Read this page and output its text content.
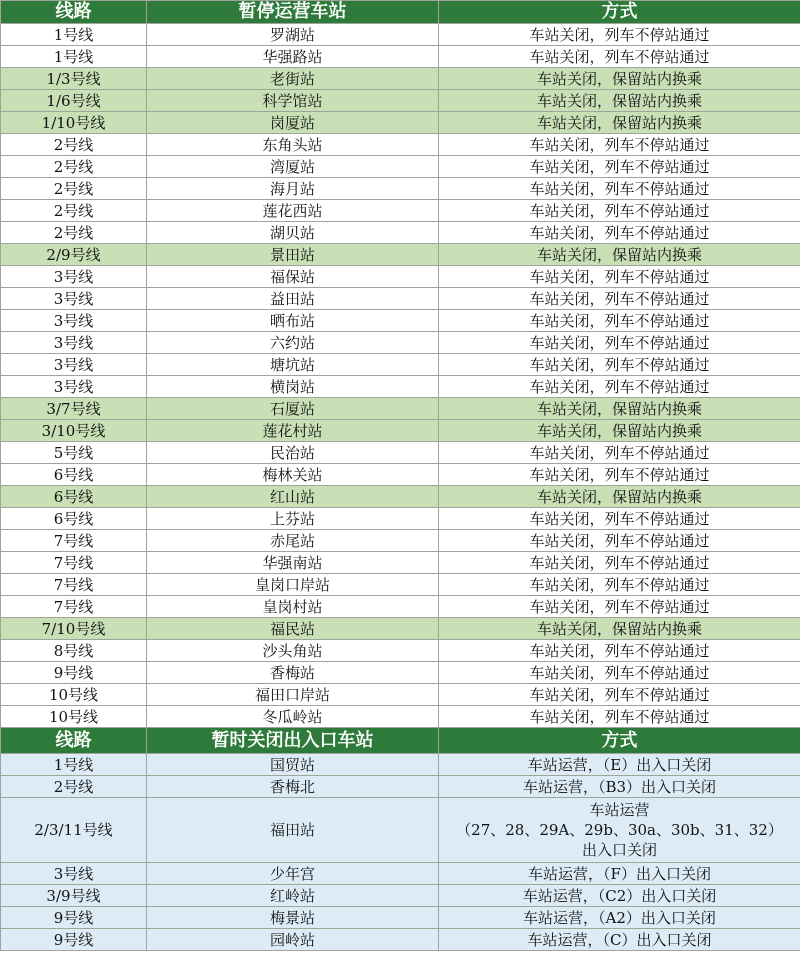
线路	暂停运营车站	方式
1号线	罗湖站	车站关闭，列车不停站通过
1号线	华强路站	车站关闭，列车不停站通过
1/3号线	老街站	车站关闭，保留站内换乘
1/6号线	科学馆站	车站关闭，保留站内换乘
1/10号线	岗厦站	车站关闭，保留站内换乘
2号线	东角头站	车站关闭，列车不停站通过
2号线	湾厦站	车站关闭，列车不停站通过
2号线	海月站	车站关闭，列车不停站通过
2号线	莲花西站	车站关闭，列车不停站通过
2号线	湖贝站	车站关闭，列车不停站通过
2/9号线	景田站	车站关闭，保留站内换乘
3号线	福保站	车站关闭，列车不停站通过
3号线	益田站	车站关闭，列车不停站通过
3号线	晒布站	车站关闭，列车不停站通过
3号线	六约站	车站关闭，列车不停站通过
3号线	塘坑站	车站关闭，列车不停站通过
3号线	横岗站	车站关闭，列车不停站通过
3/7号线	石厦站	车站关闭，保留站内换乘
3/10号线	莲花村站	车站关闭，保留站内换乘
5号线	民治站	车站关闭，列车不停站通过
6号线	梅林关站	车站关闭，列车不停站通过
6号线	红山站	车站关闭，保留站内换乘
6号线	上芬站	车站关闭，列车不停站通过
7号线	赤尾站	车站关闭，列车不停站通过
7号线	华强南站	车站关闭，列车不停站通过
7号线	皇岗口岸站	车站关闭，列车不停站通过
7号线	皇岗村站	车站关闭，列车不停站通过
7/10号线	福民站	车站关闭，保留站内换乘
8号线	沙头角站	车站关闭，列车不停站通过
9号线	香梅站	车站关闭，列车不停站通过
10号线	福田口岸站	车站关闭，列车不停站通过
10号线	冬瓜岭站	车站关闭，列车不停站通过
线路	暂时关闭出入口车站	方式
1号线	国贸站	车站运营，（E）出入口关闭

2号线	香梅北	车站运营，（B3）出入口关闭

2/3/11号线	福田站	车站运营
（27、28、29A、29b、30a、30b、31、32）
出入口关闭

3号线	少年宫	车站运营，（F）出入口关闭

3/9号线	红岭站	车站运营，（C2）出入口关闭

9号线	梅景站	车站运营，（A2）出入口关闭

9号线	园岭站	车站运营，（C）出入口关闭
